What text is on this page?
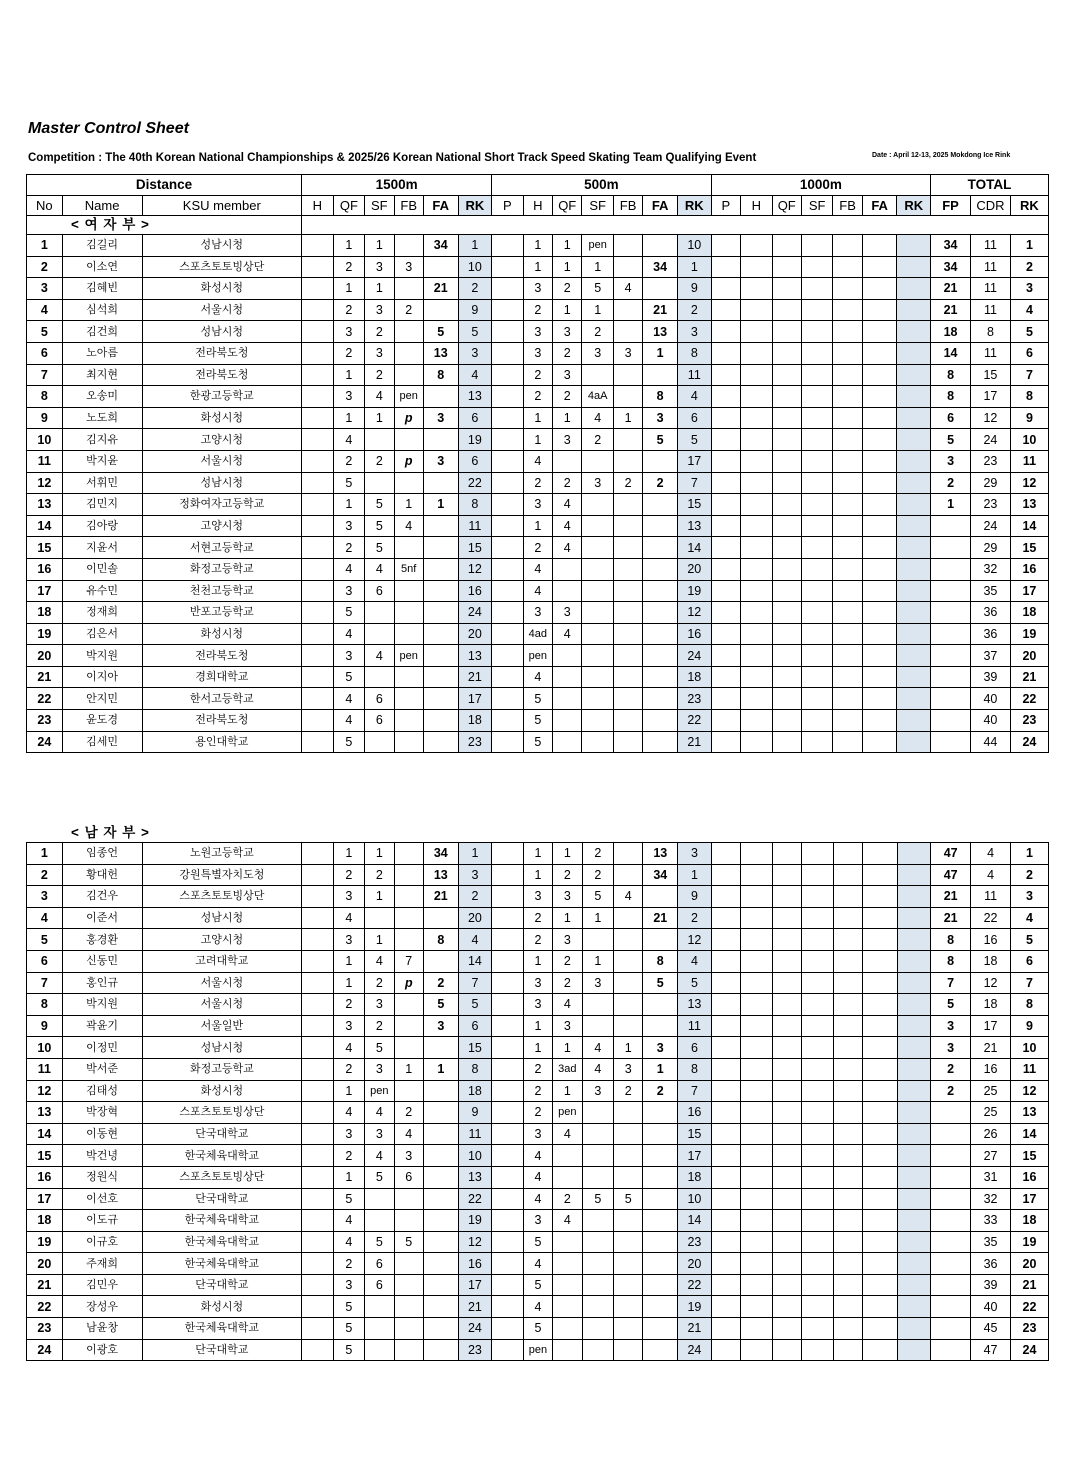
Master Control Sheet
Competition : The 40th Korean National Championships & 2025/26 Korean National Short Track Speed Skating Team Qualifying Event	Date : April 12-13, 2025 Mokdong Ice Rink
Distance			1500m						500m							1000m							TOTAL		
No	Name	KSU member	H	QF	SF	FB	FA	RK	P	H	QF	SF	FB	FA	RK	P	H	QF	SF	FB	FA	RK	FP	CDR	RK
< 여 자 부 >																									
1	김길리	성남시청		1	1		34	1		1	1	pen			10								34	11	1
2	이소연	스포츠토토빙상단		2	3	3		10		1	1	1		34	1								34	11	2
3	김혜빈	화성시청		1	1		21	2		3	2	5	4		9								21	11	3
4	심석희	서울시청		2	3	2		9		2	1	1		21	2								21	11	4
5	김건희	성남시청		3	2		5	5		3	3	2		13	3								18	8	5
6	노아름	전라북도청		2	3		13	3		3	2	3	3	1	8								14	11	6
7	최지현	전라북도청		1	2		8	4		2	3				11								8	15	7
8	오송미	한광고등학교		3	4	pen		13		2	2	4aA		8	4								8	17	8
9	노도희	화성시청		1	1	p	3	6		1	1	4	1	3	6								6	12	9
10	김지유	고양시청		4				19		1	3	2		5	5								5	24	10
11	박지윤	서울시청		2	2	p	3	6		4					17								3	23	11
12	서휘민	성남시청		5				22		2	2	3	2	2	7								2	29	12
13	김민지	정화여자고등학교		1	5	1	1	8		3	4				15								1	23	13
14	김아랑	고양시청		3	5	4		11		1	4				13									24	14
15	지윤서	서현고등학교		2	5			15		2	4				14									29	15
16	이민솔	화정고등학교		4	4	5nf		12		4					20									32	16
17	유수민	천천고등학교		3	6			16		4					19									35	17
18	정재희	반포고등학교		5				24		3	3				12									36	18
19	김은서	화성시청		4				20		4ad	4				16									36	19
20	박지원	전라북도청		3	4	pen		13		pen					24									37	20
21	이지아	경희대학교		5				21		4					18									39	21
22	안지민	한서고등학교		4	6			17		5					23									40	22
23	윤도경	전라북도청		4	6			18		5					22									40	23
24	김세민	용인대학교		5				23		5					21									44	24
< 남 자 부 >
1	임종언	노원고등학교		1	1		34	1		1	1	2		13	3								47	4	1
2	황대헌	강원특별자치도청		2	2		13	3		1	2	2		34	1								47	4	2
3	김건우	스포츠토토빙상단		3	1		21	2		3	3	5	4		9								21	11	3
4	이준서	성남시청		4				20		2	1	1		21	2								21	22	4
5	홍경환	고양시청		3	1		8	4		2	3				12								8	16	5
6	신동민	고려대학교		1	4	7		14		1	2	1		8	4								8	18	6
7	홍인규	서울시청		1	2	p	2	7		3	2	3		5	5								7	12	7
8	박지원	서울시청		2	3		5	5		3	4				13								5	18	8
9	곽윤기	서울일반		3	2		3	6		1	3				11								3	17	9
10	이정민	성남시청		4	5			15		1	1	4	1	3	6								3	21	10
11	박서준	화정고등학교		2	3	1	1	8		2	3ad	4	3	1	8								2	16	11
12	김태성	화성시청		1	pen			18		2	1	3	2	2	7								2	25	12
13	박장혁	스포츠토토빙상단		4	4	2		9		2	pen				16									25	13
14	이동현	단국대학교		3	3	4		11		3	4				15									26	14
15	박건녕	한국체육대학교		2	4	3		10		4					17									27	15
16	정원식	스포츠토토빙상단		1	5	6		13		4					18									31	16
17	이선호	단국대학교		5				22		4	2	5	5		10									32	17
18	이도규	한국체육대학교		4				19		3	4				14									33	18
19	이규호	한국체육대학교		4	5	5		12		5					23									35	19
20	주재희	한국체육대학교		2	6			16		4					20									36	20
21	김민우	단국대학교		3	6			17		5					22									39	21
22	장성우	화성시청		5				21		4					19									40	22
23	남윤창	한국체육대학교		5				24		5					21									45	23
24	이광호	단국대학교		5				23		pen					24									47	24
